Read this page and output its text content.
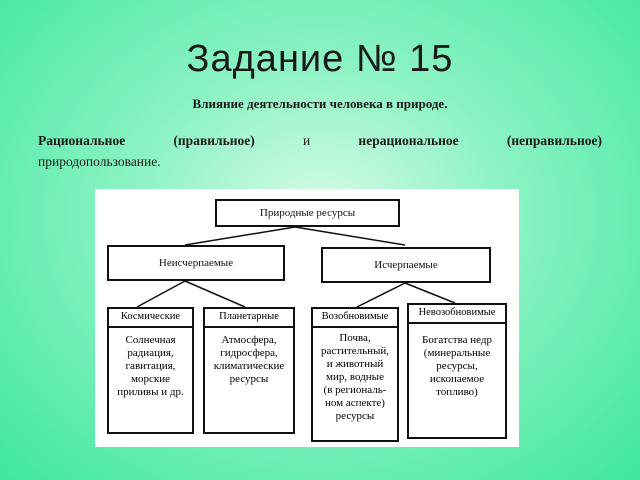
Задание № 15
Влияние деятельности человека в природе.
Рациональное	(правильное)	и	нерациональное	(неправильное)
природопользование.
Природные ресурсы
Неисчерпаемые	Исчерпаемые
Космические
Солнечная
радиация,
гавитация,
морские
приливы и др.
Планетарные
Атмосфера,
гидросфера,
климатические
ресурсы
Возобновимые
Почва,
растительный,
и животный
мир, водные
(в региональ-
ном аспекте)
ресурсы
Невозобновимые
Богатства недр
(минеральные
ресурсы,
ископаемое
топливо)
